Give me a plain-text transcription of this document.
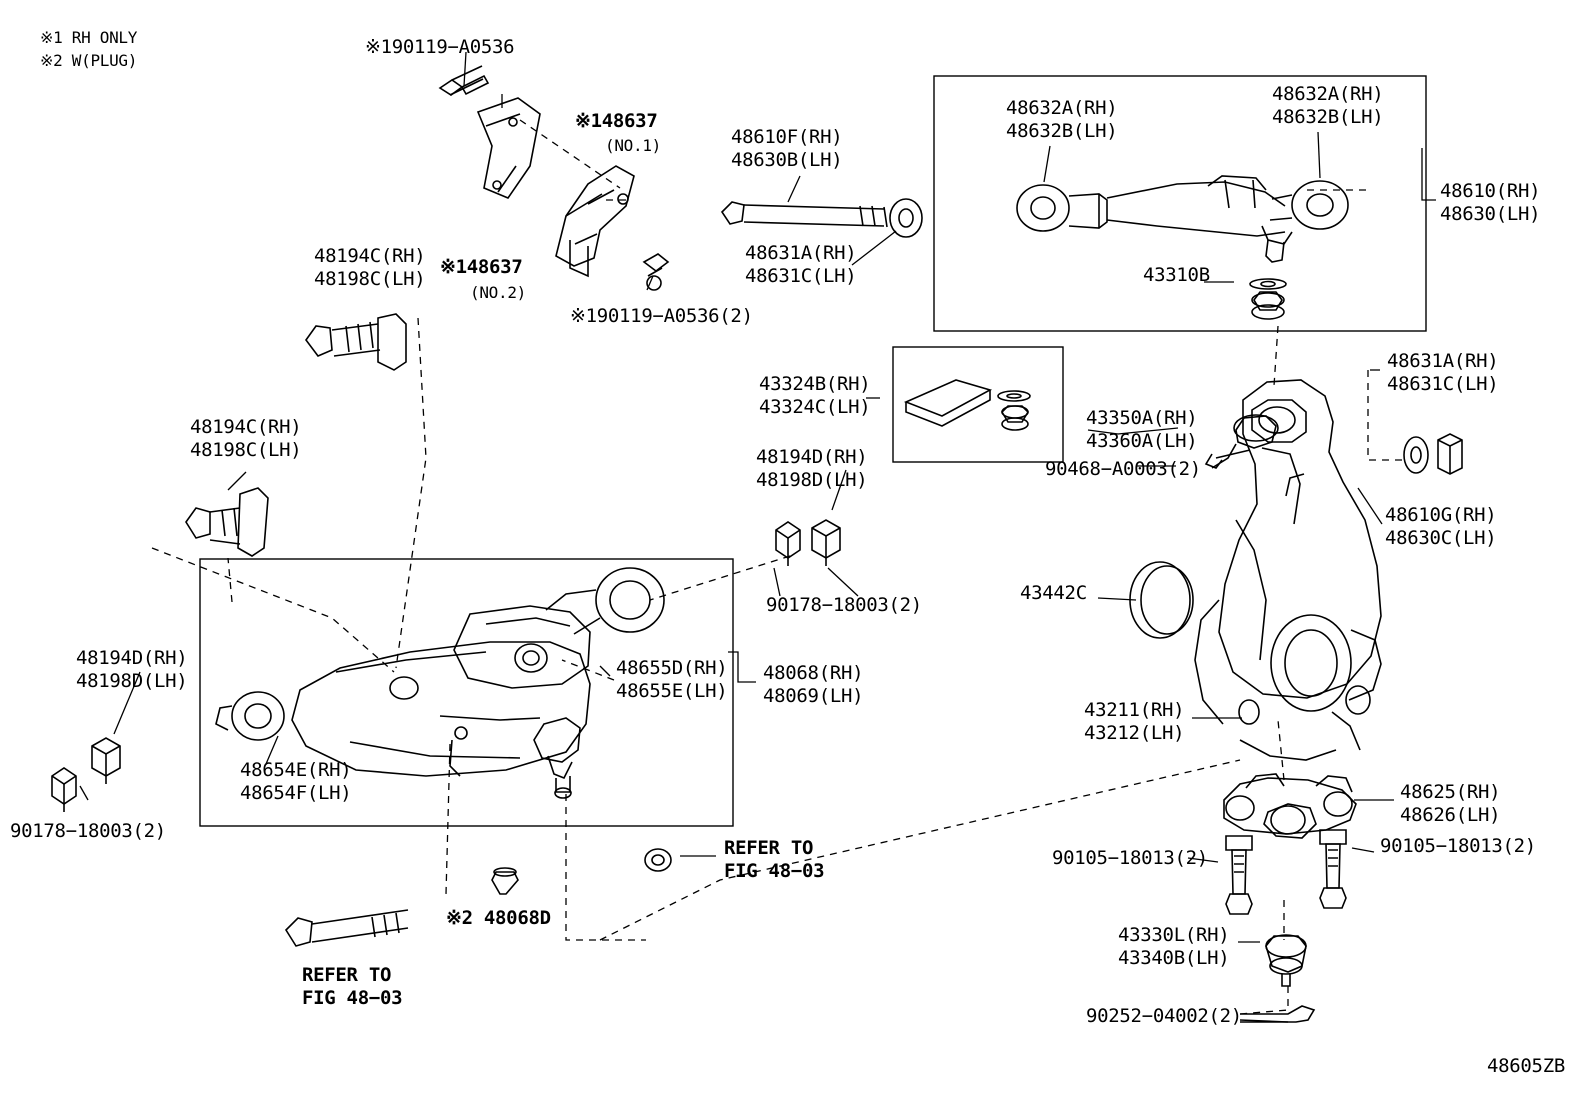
※1 RH ONLY
※2 W(PLUG)
※190119−A0536
※148637
(NO.1)	48610F(RH)
48630B(LH)
48632A(RH)
48632B(LH)
48632A(RH)
48632B(LH)
48610(RH)
48630(LH)
48194C(RH)
48198C(LH)
※148637
(NO.2)
※190119−A0536(2)
48631A(RH)
48631C(LH)	43310B
48631A(RH)
48631C(LH)
43324B(RH)
43324C(LH)	43350A(RH)
43360A(LH)
90468−A0003(2)
48610G(RH)
48630C(LH)
48194D(RH)
48198D(LH)
90178−18003(2)
48194C(RH)
48198C(LH)
43442C
43211(RH)
43212(LH)
48194D(RH)
48198D(LH)
48655D(RH)
48655E(LH)
48068(RH)
48069(LH)
48654E(RH)
48654F(LH)
90178−18003(2)
REFER TO
FIG 48−03
※2 48068D
REFER TO
FIG 48−03
48625(RH)
48626(LH)
90105−18013(2)
90105−18013(2)
43330L(RH)
43340B(LH)
90252−04002(2)
48605ZB
